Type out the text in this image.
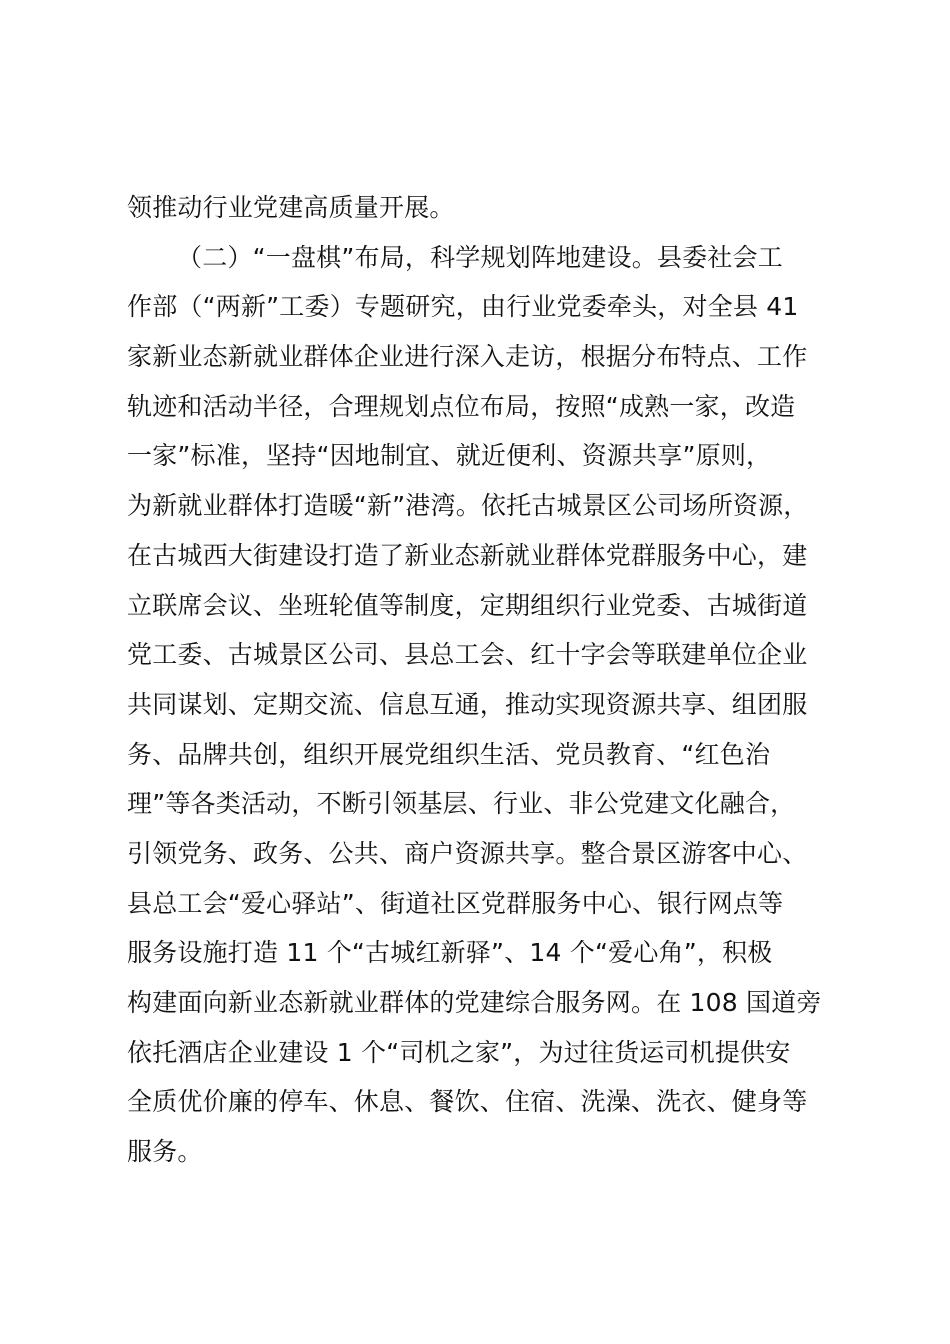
领推动行业党建高质量开展。
（二）“一盘棋”布局，科学规划阵地建设。县委社会工
作部（“两新”工委）专题研究，由行业党委牵头，对全县 41
家新业态新就业群体企业进行深入走访，根据分布特点、工作
轨迹和活动半径，合理规划点位布局，按照“成熟一家，改造
一家”标准，坚持“因地制宜、就近便利、资源共享”原则，
为新就业群体打造暖“新”港湾。依托古城景区公司场所资源，
在古城西大街建设打造了新业态新就业群体党群服务中心，建
立联席会议、坐班轮值等制度，定期组织行业党委、古城街道
党工委、古城景区公司、县总工会、红十字会等联建单位企业
共同谋划、定期交流、信息互通，推动实现资源共享、组团服
务、品牌共创，组织开展党组织生活、党员教育、“红色治
理”等各类活动，不断引领基层、行业、非公党建文化融合，
引领党务、政务、公共、商户资源共享。整合景区游客中心、
县总工会“爱心驿站”、街道社区党群服务中心、银行网点等
服务设施打造 11 个“古城红新驿”、14 个“爱心角”，积极
构建面向新业态新就业群体的党建综合服务网。在 108 国道旁
依托酒店企业建设 1 个“司机之家”，为过往货运司机提供安
全质优价廉的停车、休息、餐饮、住宿、洗澡、洗衣、健身等
服务。
